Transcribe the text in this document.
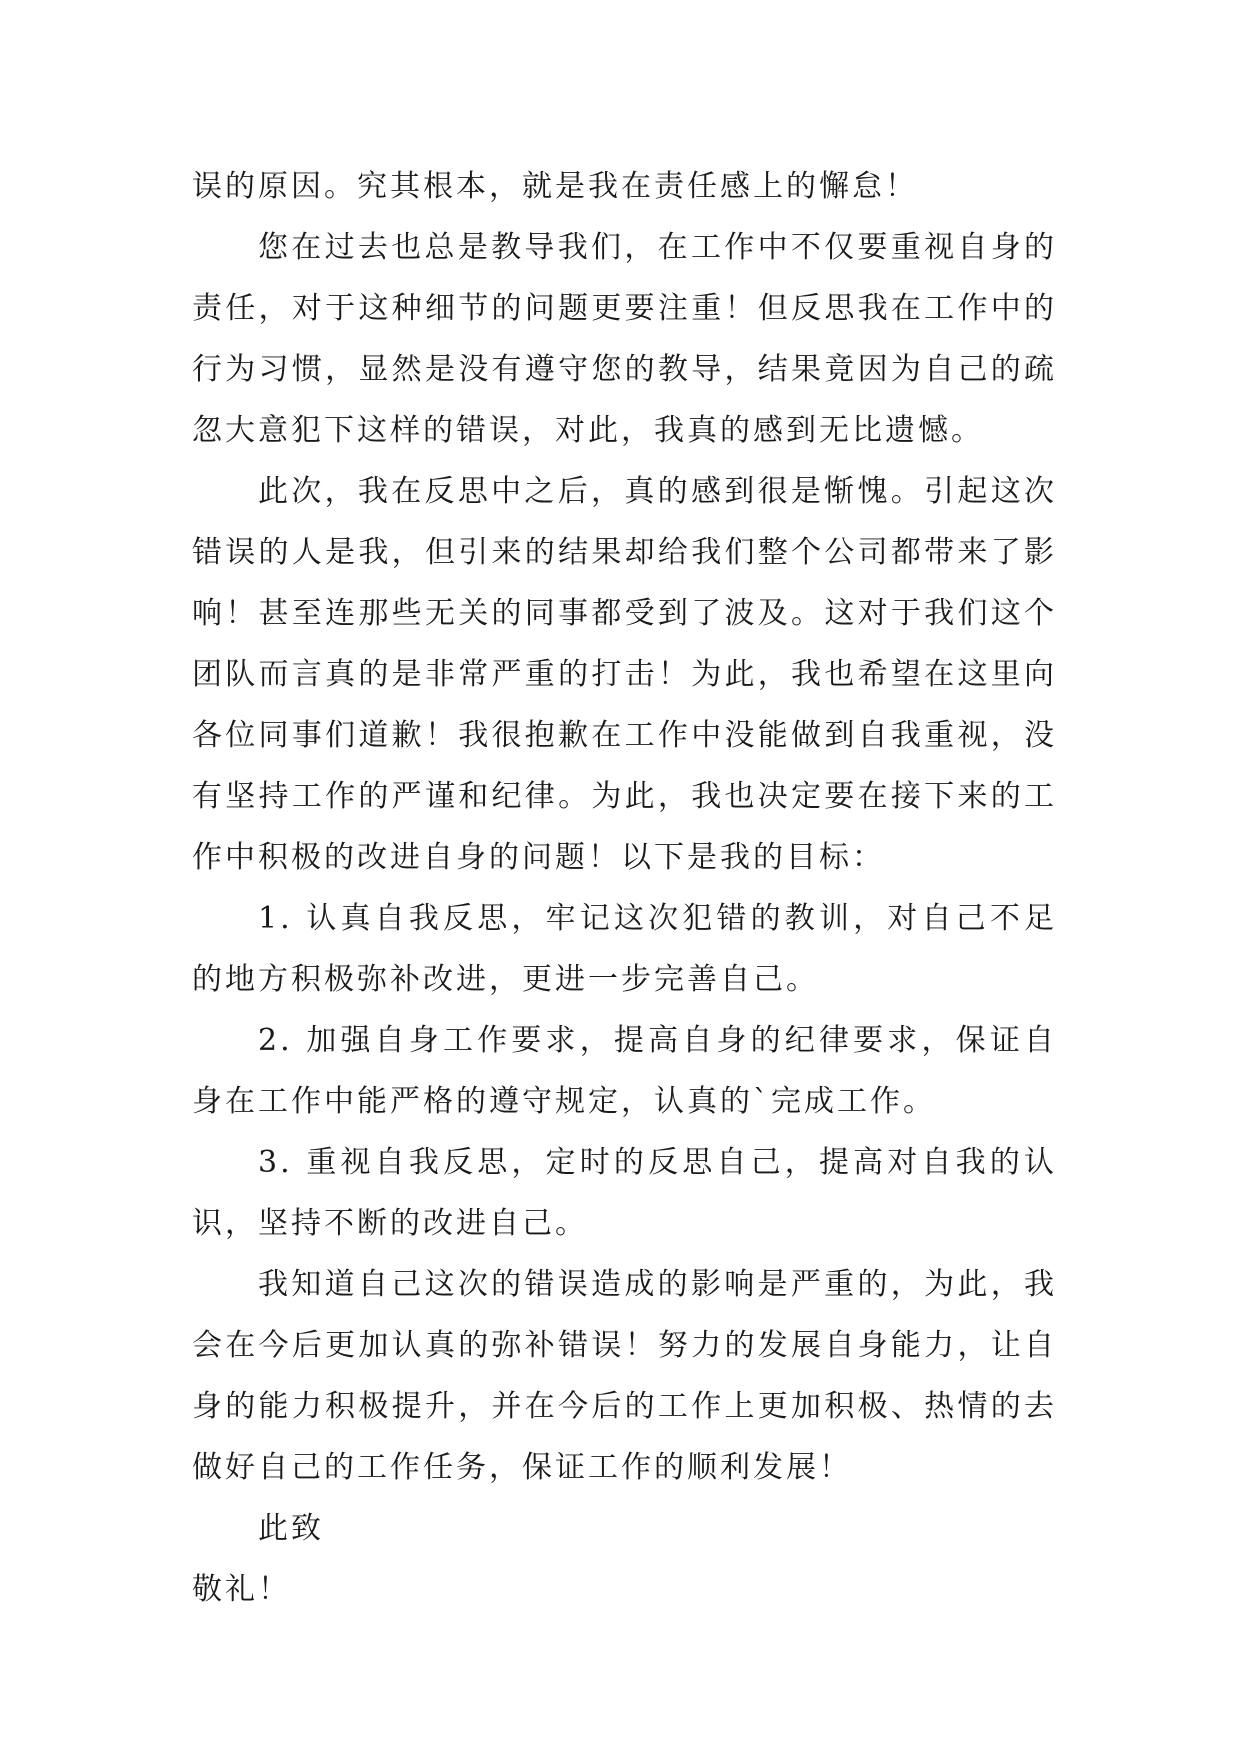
误的原因。究其根本，就是我在责任感上的懈怠！

您在过去也总是教导我们，在工作中不仅要重视自身的责任，对于这种细节的问题更要注重！但反思我在工作中的行为习惯，显然是没有遵守您的教导，结果竟因为自己的疏忽大意犯下这样的错误，对此，我真的感到无比遗憾。

此次，我在反思中之后，真的感到很是惭愧。引起这次错误的人是我，但引来的结果却给我们整个公司都带来了影响！甚至连那些无关的同事都受到了波及。这对于我们这个团队而言真的是非常严重的打击！为此，我也希望在这里向各位同事们道歉！我很抱歉在工作中没能做到自我重视，没有坚持工作的严谨和纪律。为此，我也决定要在接下来的工作中积极的改进自身的问题！以下是我的目标：

1. 认真自我反思，牢记这次犯错的教训，对自己不足的地方积极弥补改进，更进一步完善自己。

2. 加强自身工作要求，提高自身的纪律要求，保证自身在工作中能严格的遵守规定，认真的`完成工作。

3. 重视自我反思，定时的反思自己，提高对自我的认识，坚持不断的改进自己。

我知道自己这次的错误造成的影响是严重的，为此，我会在今后更加认真的弥补错误！努力的发展自身能力，让自身的能力积极提升，并在今后的工作上更加积极、热情的去做好自己的工作任务，保证工作的顺利发展！

此致

敬礼！
